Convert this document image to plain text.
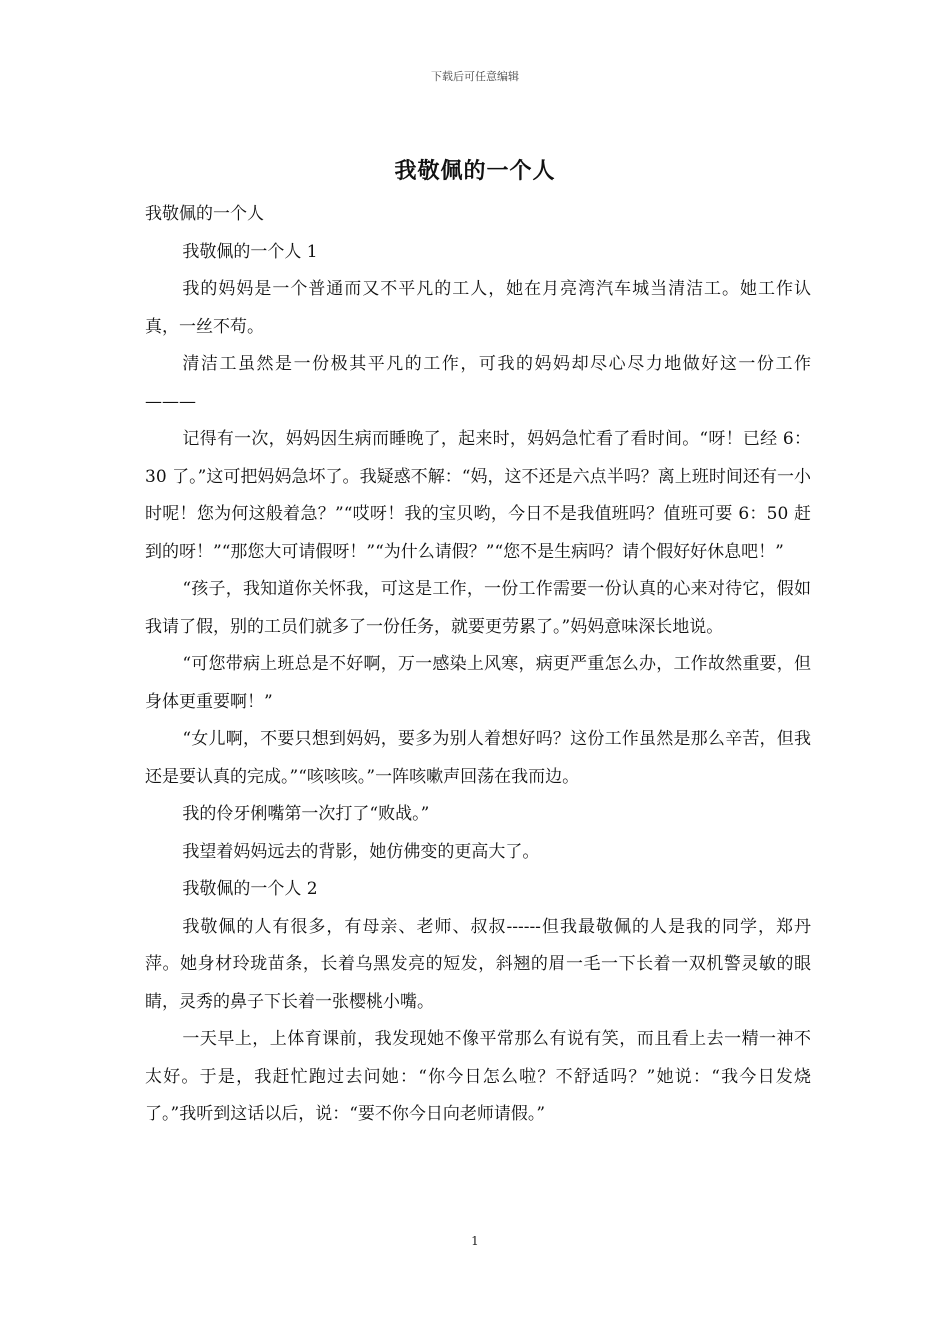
下载后可任意编辑
我敬佩的一个人

我敬佩的一个人

我敬佩的一个人 1

我的妈妈是一个普通而又不平凡的工人，她在月亮湾汽车城当清洁工。她工作认真，一丝不苟。

清洁工虽然是一份极其平凡的工作，可我的妈妈却尽心尽力地做好这一份工作———

记得有一次，妈妈因生病而睡晚了，起来时，妈妈急忙看了看时间。“呀！已经 6：30 了。”这可把妈妈急坏了。我疑惑不解：“妈，这不还是六点半吗？离上班时间还有一小时呢！您为何这般着急？”“哎呀！我的宝贝哟，今日不是我值班吗？值班可要 6：50 赶到的呀！”“那您大可请假呀！”“为什么请假？”“您不是生病吗？请个假好好休息吧！”

“孩子，我知道你关怀我，可这是工作，一份工作需要一份认真的心来对待它，假如我请了假，别的工员们就多了一份任务，就要更劳累了。”妈妈意味深长地说。

“可您带病上班总是不好啊，万一感染上风寒，病更严重怎么办，工作故然重要，但身体更重要啊！”

“女儿啊，不要只想到妈妈，要多为别人着想好吗？这份工作虽然是那么辛苦，但我还是要认真的完成。”“咳咳咳。”一阵咳嗽声回荡在我而边。

我的伶牙俐嘴第一次打了“败战。”

我望着妈妈远去的背影，她仿佛变的更高大了。

我敬佩的一个人 2

我敬佩的人有很多，有母亲、老师、叔叔------但我最敬佩的人是我的同学，郑丹萍。她身材玲珑苗条，长着乌黑发亮的短发，斜翘的眉一毛一下长着一双机警灵敏的眼睛，灵秀的鼻子下长着一张樱桃小嘴。

一天早上，上体育课前，我发现她不像平常那么有说有笑，而且看上去一精一神不太好。于是，我赶忙跑过去问她：“你今日怎么啦？不舒适吗？”她说：“我今日发烧了。”我听到这话以后，说：“要不你今日向老师请假。”

1
